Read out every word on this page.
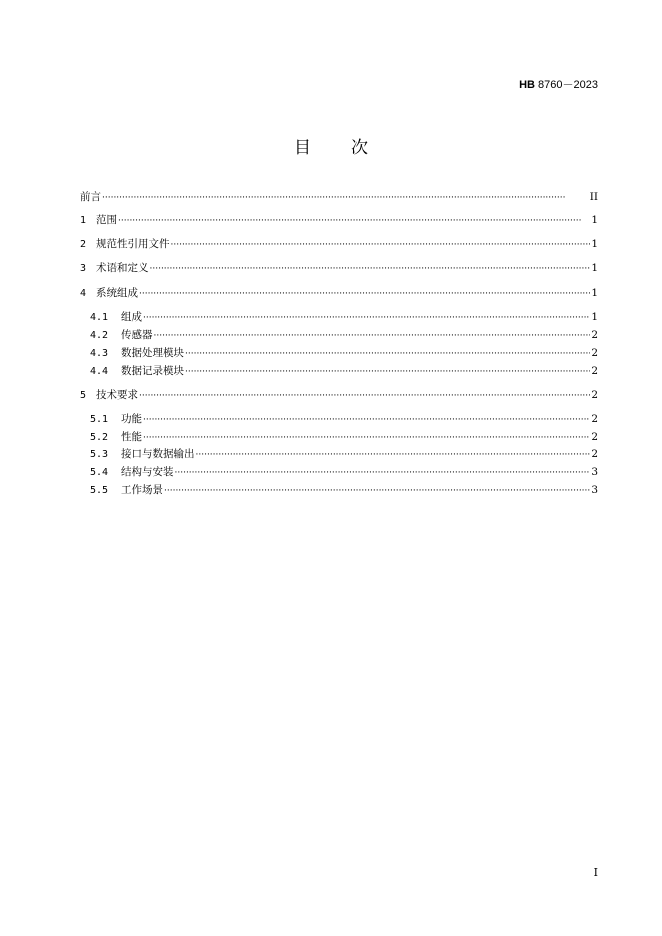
HB 8760－2023
目次
前言 ·····	II
1 范围 ·····	1
2 规范性引用文件 ·····	1
3 术语和定义 ·····	1
4 系统组成 ·····	1
4.1	组成 ·····	1
4.2	传感器 ·····	2
4.3	数据处理模块 ·····	2
4.4	数据记录模块 ·····	2
5 技术要求 ·····	2
5.1	功能 ·····	2
5.2	性能 ·····	2
5.3	接口与数据输出 ·····	2
5.4	结构与安装 ·····	3
5.5	工作场景 ·····	3
I
